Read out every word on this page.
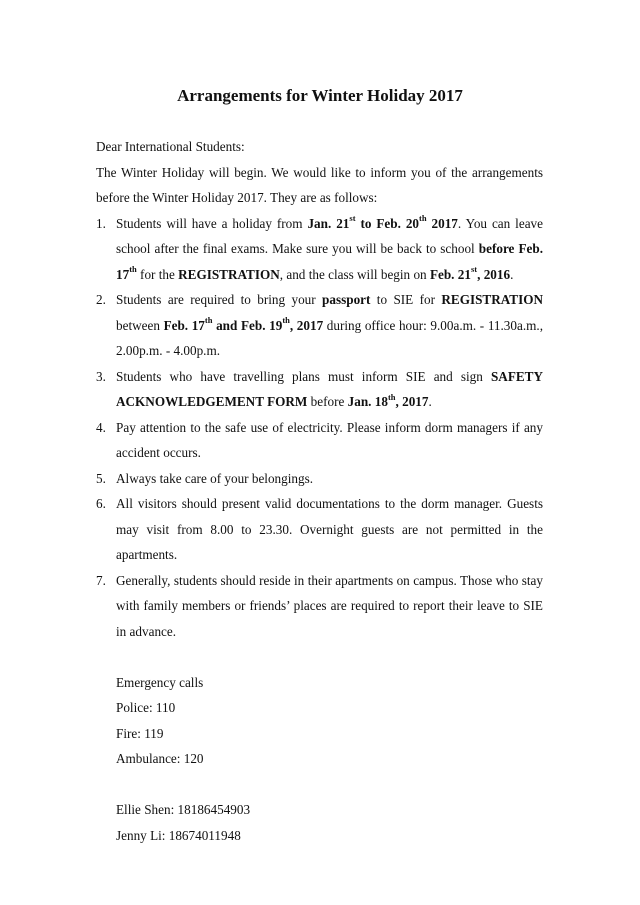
Arrangements for Winter Holiday 2017

Dear International Students:

The Winter Holiday will begin. We would like to inform you of the arrangements before the Winter Holiday 2017. They are as follows:

1. Students will have a holiday from Jan. 21st to Feb. 20th 2017. You can leave school after the final exams. Make sure you will be back to school before Feb. 17th for the REGISTRATION, and the class will begin on Feb. 21st, 2016.
2. Students are required to bring your passport to SIE for REGISTRATION between Feb. 17th and Feb. 19th, 2017 during office hour: 9.00a.m. - 11.30a.m., 2.00p.m. - 4.00p.m.
3. Students who have travelling plans must inform SIE and sign SAFETY ACKNOWLEDGEMENT FORM before Jan. 18th, 2017.
4. Pay attention to the safe use of electricity. Please inform dorm managers if any accident occurs.
5. Always take care of your belongings.
6. All visitors should present valid documentations to the dorm manager. Guests may visit from 8.00 to 23.30. Overnight guests are not permitted in the apartments.
7. Generally, students should reside in their apartments on campus. Those who stay with family members or friends’ places are required to report their leave to SIE in advance.
Emergency calls
Police: 110
Fire: 119
Ambulance: 120
Ellie Shen: 18186454903
Jenny Li: 18674011948
